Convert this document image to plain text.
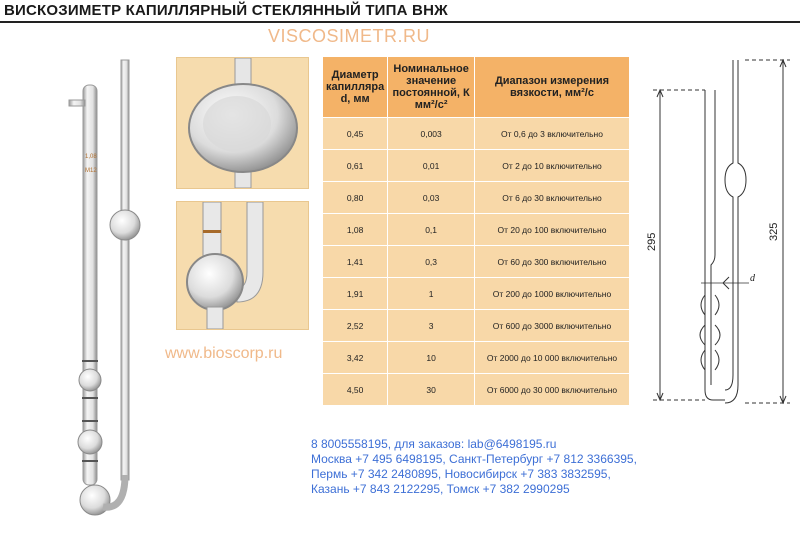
ВИСКОЗИМЕТР КАПИЛЛЯРНЫЙ СТЕКЛЯННЫЙ ТИПА ВНЖ
VISCOSIMETR.RU
1,08
М12
www.bioscorp.ru
Диаметр капилляра d, мм	Номинальное значение постоянной, К мм²/с²	Диапазон измерения вязкости, мм²/с
0,45	0,003	От 0,6 до 3 включительно
0,61	0,01	От 2 до 10 включительно
0,80	0,03	От 6 до 30 включительно
1,08	0,1	От 20 до 100 включительно
1,41	0,3	От 60 до 300 включительно
1,91	1	От 200 до 1000 включительно
2,52	3	От 600 до 3000 включительно
3,42	10	От 2000 до 10 000 включительно
4,50	30	От 6000 до 30 000 включительно
295
325
d
8 8005558195, для заказов: lab@6498195.ru
Москва +7 495 6498195, Санкт-Петербург +7 812 3366395,
Пермь +7 342 2480895, Новосибирск +7 383 3832595,
Казань +7 843 2122295, Томск +7 382 2990295
